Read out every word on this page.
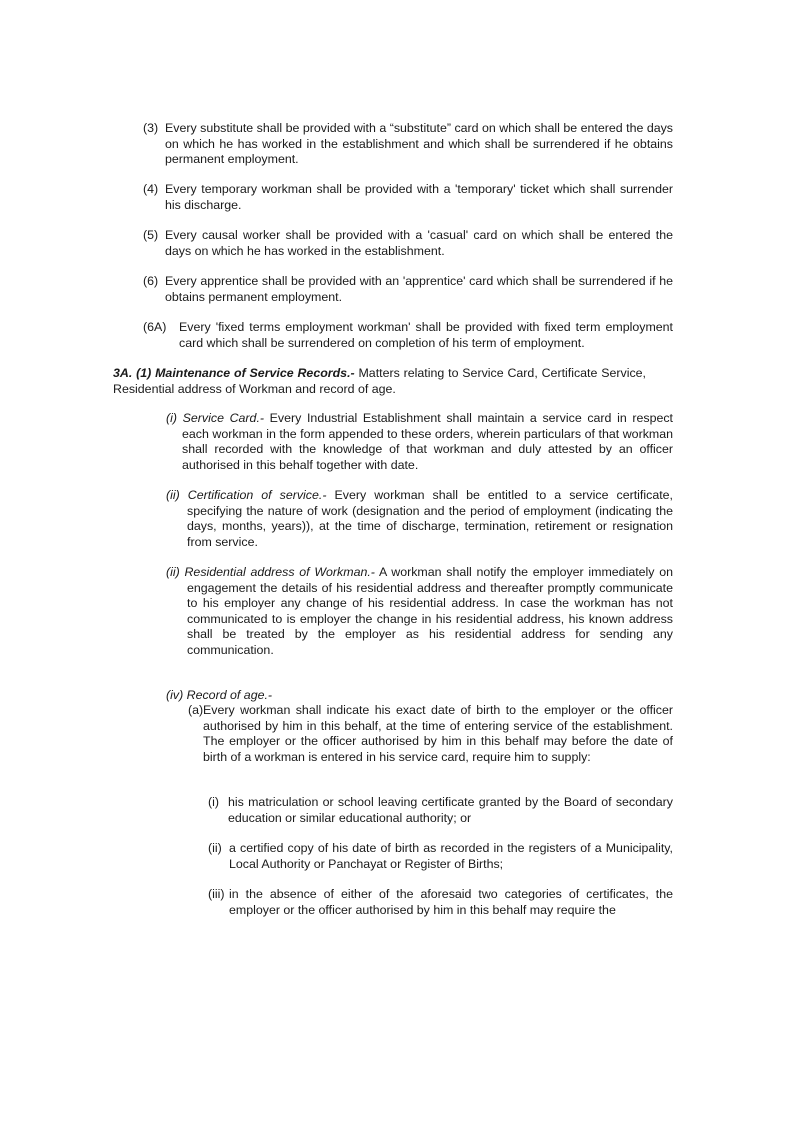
(3) Every substitute shall be provided with a “substitute” card on which shall be entered the days on which he has worked in the establishment and which shall be surrendered if he obtains permanent employment.
(4) Every temporary workman shall be provided with a 'temporary' ticket which shall surrender his discharge.
(5) Every causal worker shall be provided with a 'casual' card on which shall be entered the days on which he has worked in the establishment.
(6) Every apprentice shall be provided with an 'apprentice' card which shall be surrendered if he obtains permanent employment.
(6A)	Every 'fixed terms employment workman' shall be provided with fixed term employment card which shall be surrendered on completion of his term of employment.
3A. (1) Maintenance of Service Records.- Matters relating to Service Card, Certificate Service, Residential address of Workman and record of age.
(i) Service Card.- Every Industrial Establishment shall maintain a service card in respect each workman in the form appended to these orders, wherein particulars of that workman shall recorded with the knowledge of that workman and duly attested by an officer authorised in this behalf together with date.
(ii) Certification of service.- Every workman shall be entitled to a service certificate, specifying the nature of work (designation and the period of employment (indicating the days, months, years)), at the time of discharge, termination, retirement or resignation from service.
(ii) Residential address of Workman.- A workman shall notify the employer immediately on engagement the details of his residential address and thereafter promptly communicate to his employer any change of his residential address. In case the workman has not communicated to is employer the change in his residential address, his known address shall be treated by the employer as his residential address for sending any communication.
(iv) Record of age.-
(a) Every workman shall indicate his exact date of birth to the employer or the officer authorised by him in this behalf, at the time of entering service of the establishment. The employer or the officer authorised by him in this behalf may before the date of birth of a workman is entered in his service card, require him to supply:
(i) his matriculation or school leaving certificate granted by the Board of secondary education or similar educational authority; or
(ii) a certified copy of his date of birth as recorded in the registers of a Municipality, Local Authority or Panchayat or Register of Births;
(iii) in the absence of either of the aforesaid two categories of certificates, the employer or the officer authorised by him in this behalf may require the
